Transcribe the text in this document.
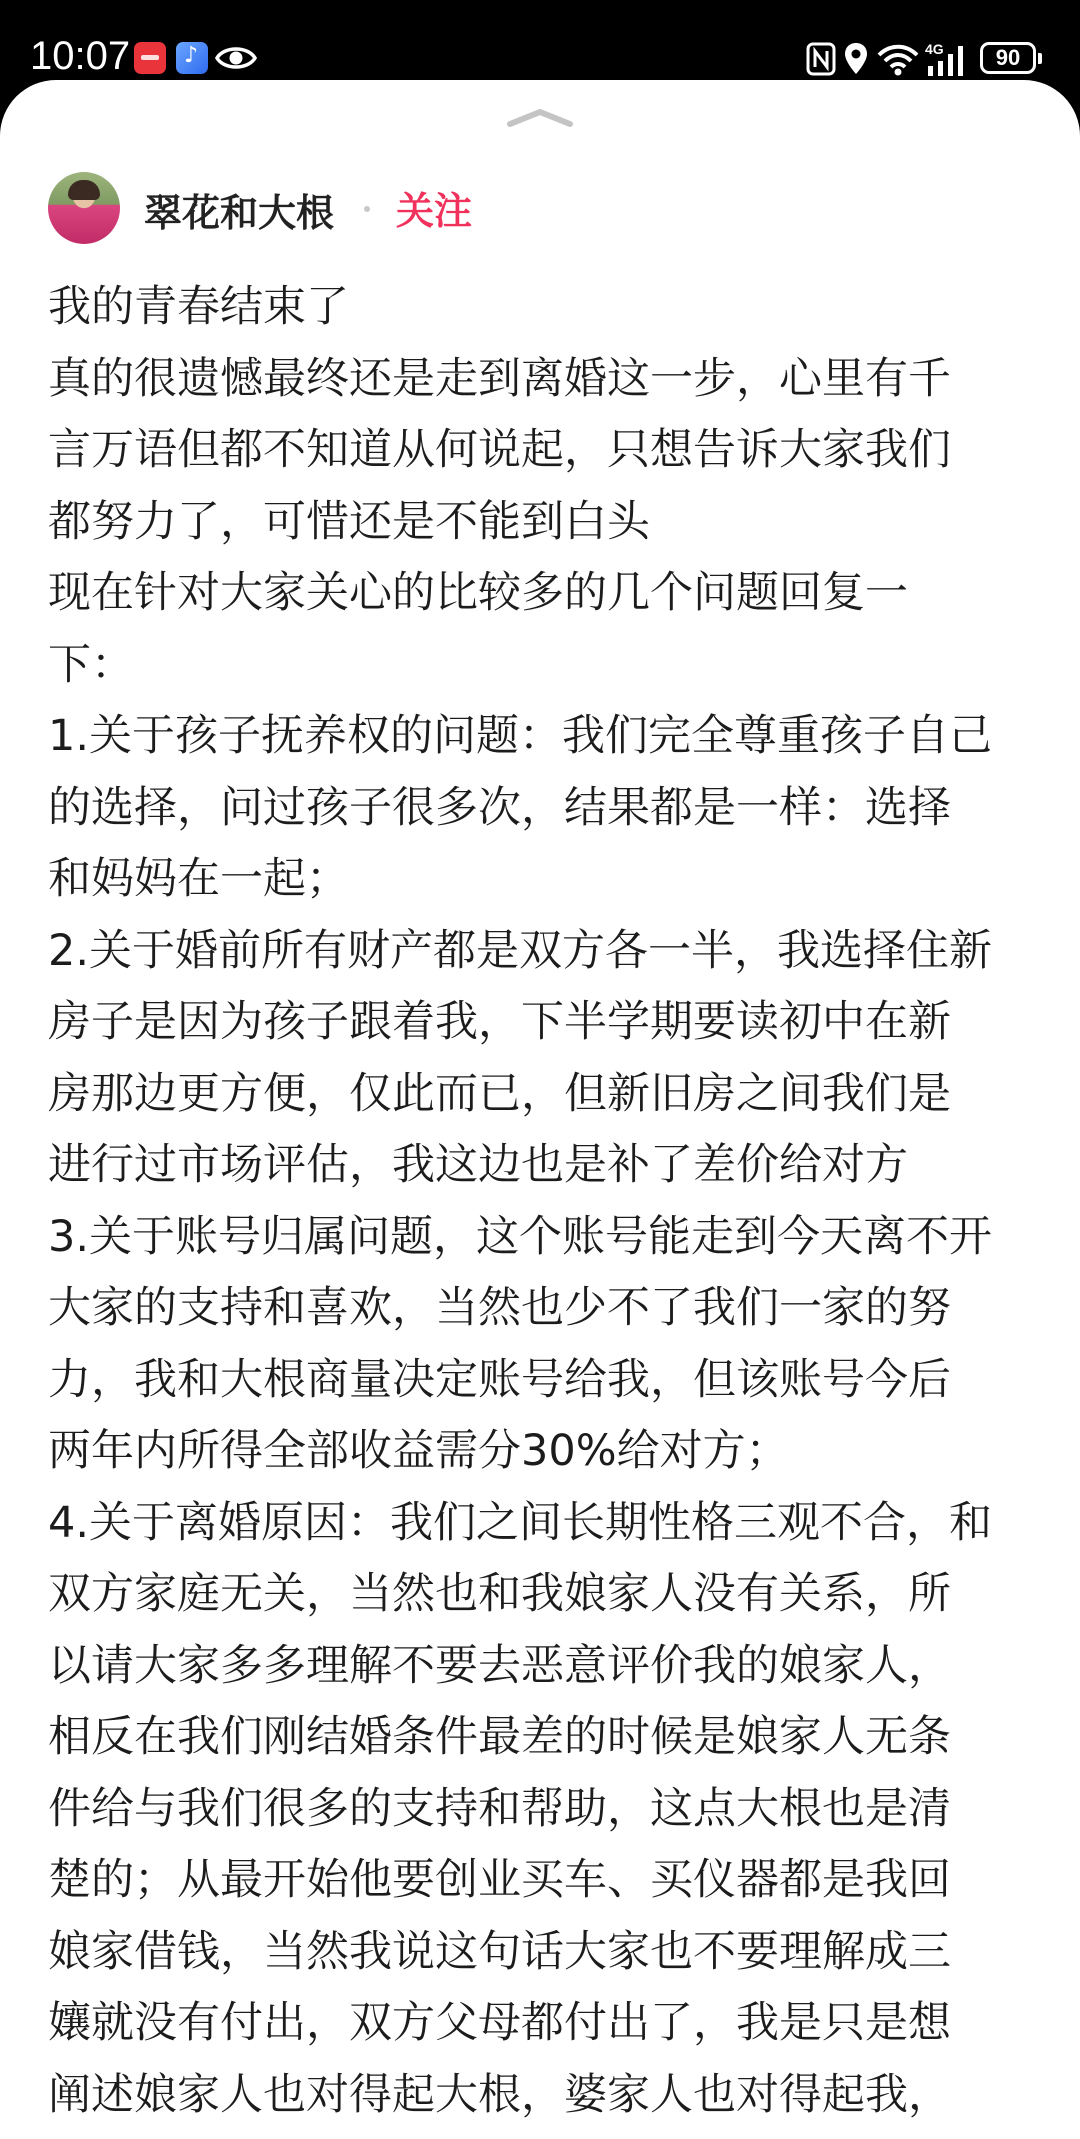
10:07
♪	4G	90
翠花和大根 关注
我的青春结束了
真的很遗憾最终还是走到离婚这一步，心里有千
言万语但都不知道从何说起，只想告诉大家我们
都努力了，可惜还是不能到白头
现在针对大家关心的比较多的几个问题回复一
下：
1.关于孩子抚养权的问题：我们完全尊重孩子自己
的选择，问过孩子很多次，结果都是一样：选择
和妈妈在一起；
2.关于婚前所有财产都是双方各一半，我选择住新
房子是因为孩子跟着我，下半学期要读初中在新
房那边更方便，仅此而已，但新旧房之间我们是
进行过市场评估，我这边也是补了差价给对方
3.关于账号归属问题，这个账号能走到今天离不开
大家的支持和喜欢，当然也少不了我们一家的努
力，我和大根商量决定账号给我，但该账号今后
两年内所得全部收益需分30%给对方；
4.关于离婚原因：我们之间长期性格三观不合，和
双方家庭无关，当然也和我娘家人没有关系，所
以请大家多多理解不要去恶意评价我的娘家人，
相反在我们刚结婚条件最差的时候是娘家人无条
件给与我们很多的支持和帮助，这点大根也是清
楚的；从最开始他要创业买车、买仪器都是我回
娘家借钱，当然我说这句话大家也不要理解成三
孃就没有付出，双方父母都付出了，我是只是想
阐述娘家人也对得起大根，婆家人也对得起我，
